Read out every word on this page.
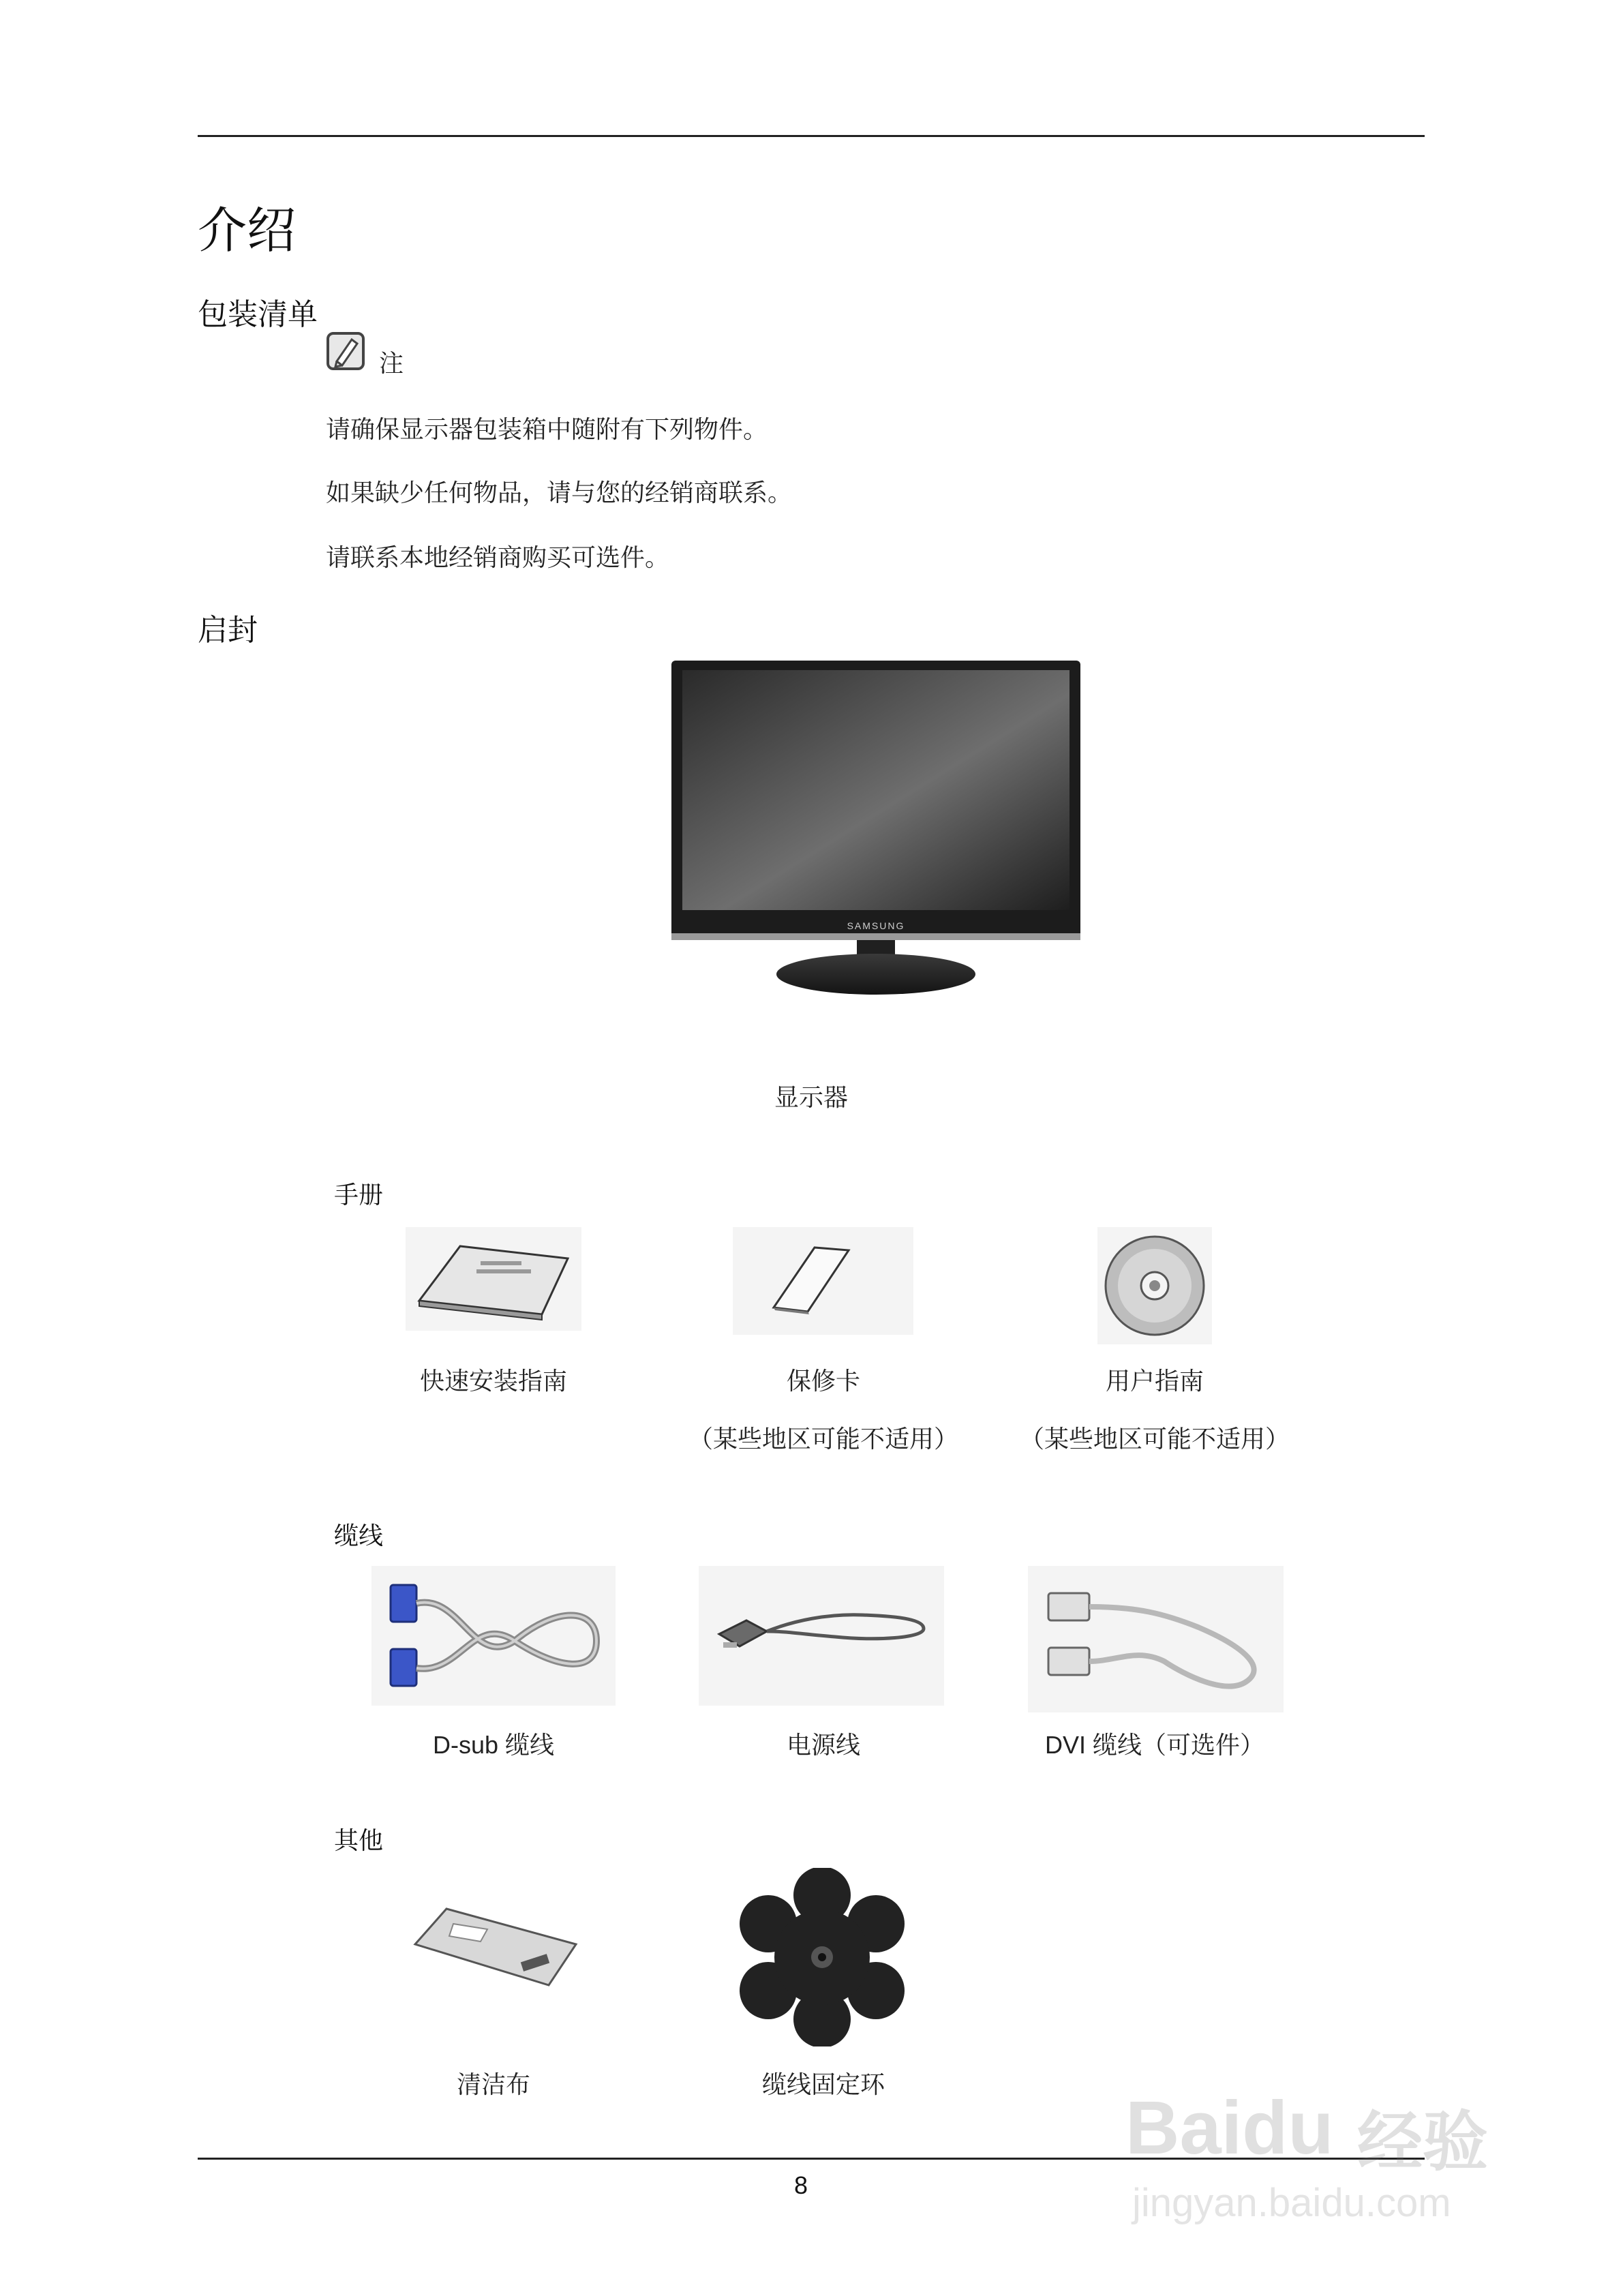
介绍
包装清单
注
请确保显示器包装箱中随附有下列物件。
如果缺少任何物品，请与您的经销商联系。
请联系本地经销商购买可选件。
启封
SAMSUNG
显示器
手册
快速安装指南	保修卡	用户指南
（某些地区可能不适用）	（某些地区可能不适用）
缆线
D-sub 缆线	电源线	DVI 缆线（可选件）
其他
清洁布	缆线固定环
8
Baidu 经验
jingyan.baidu.com
